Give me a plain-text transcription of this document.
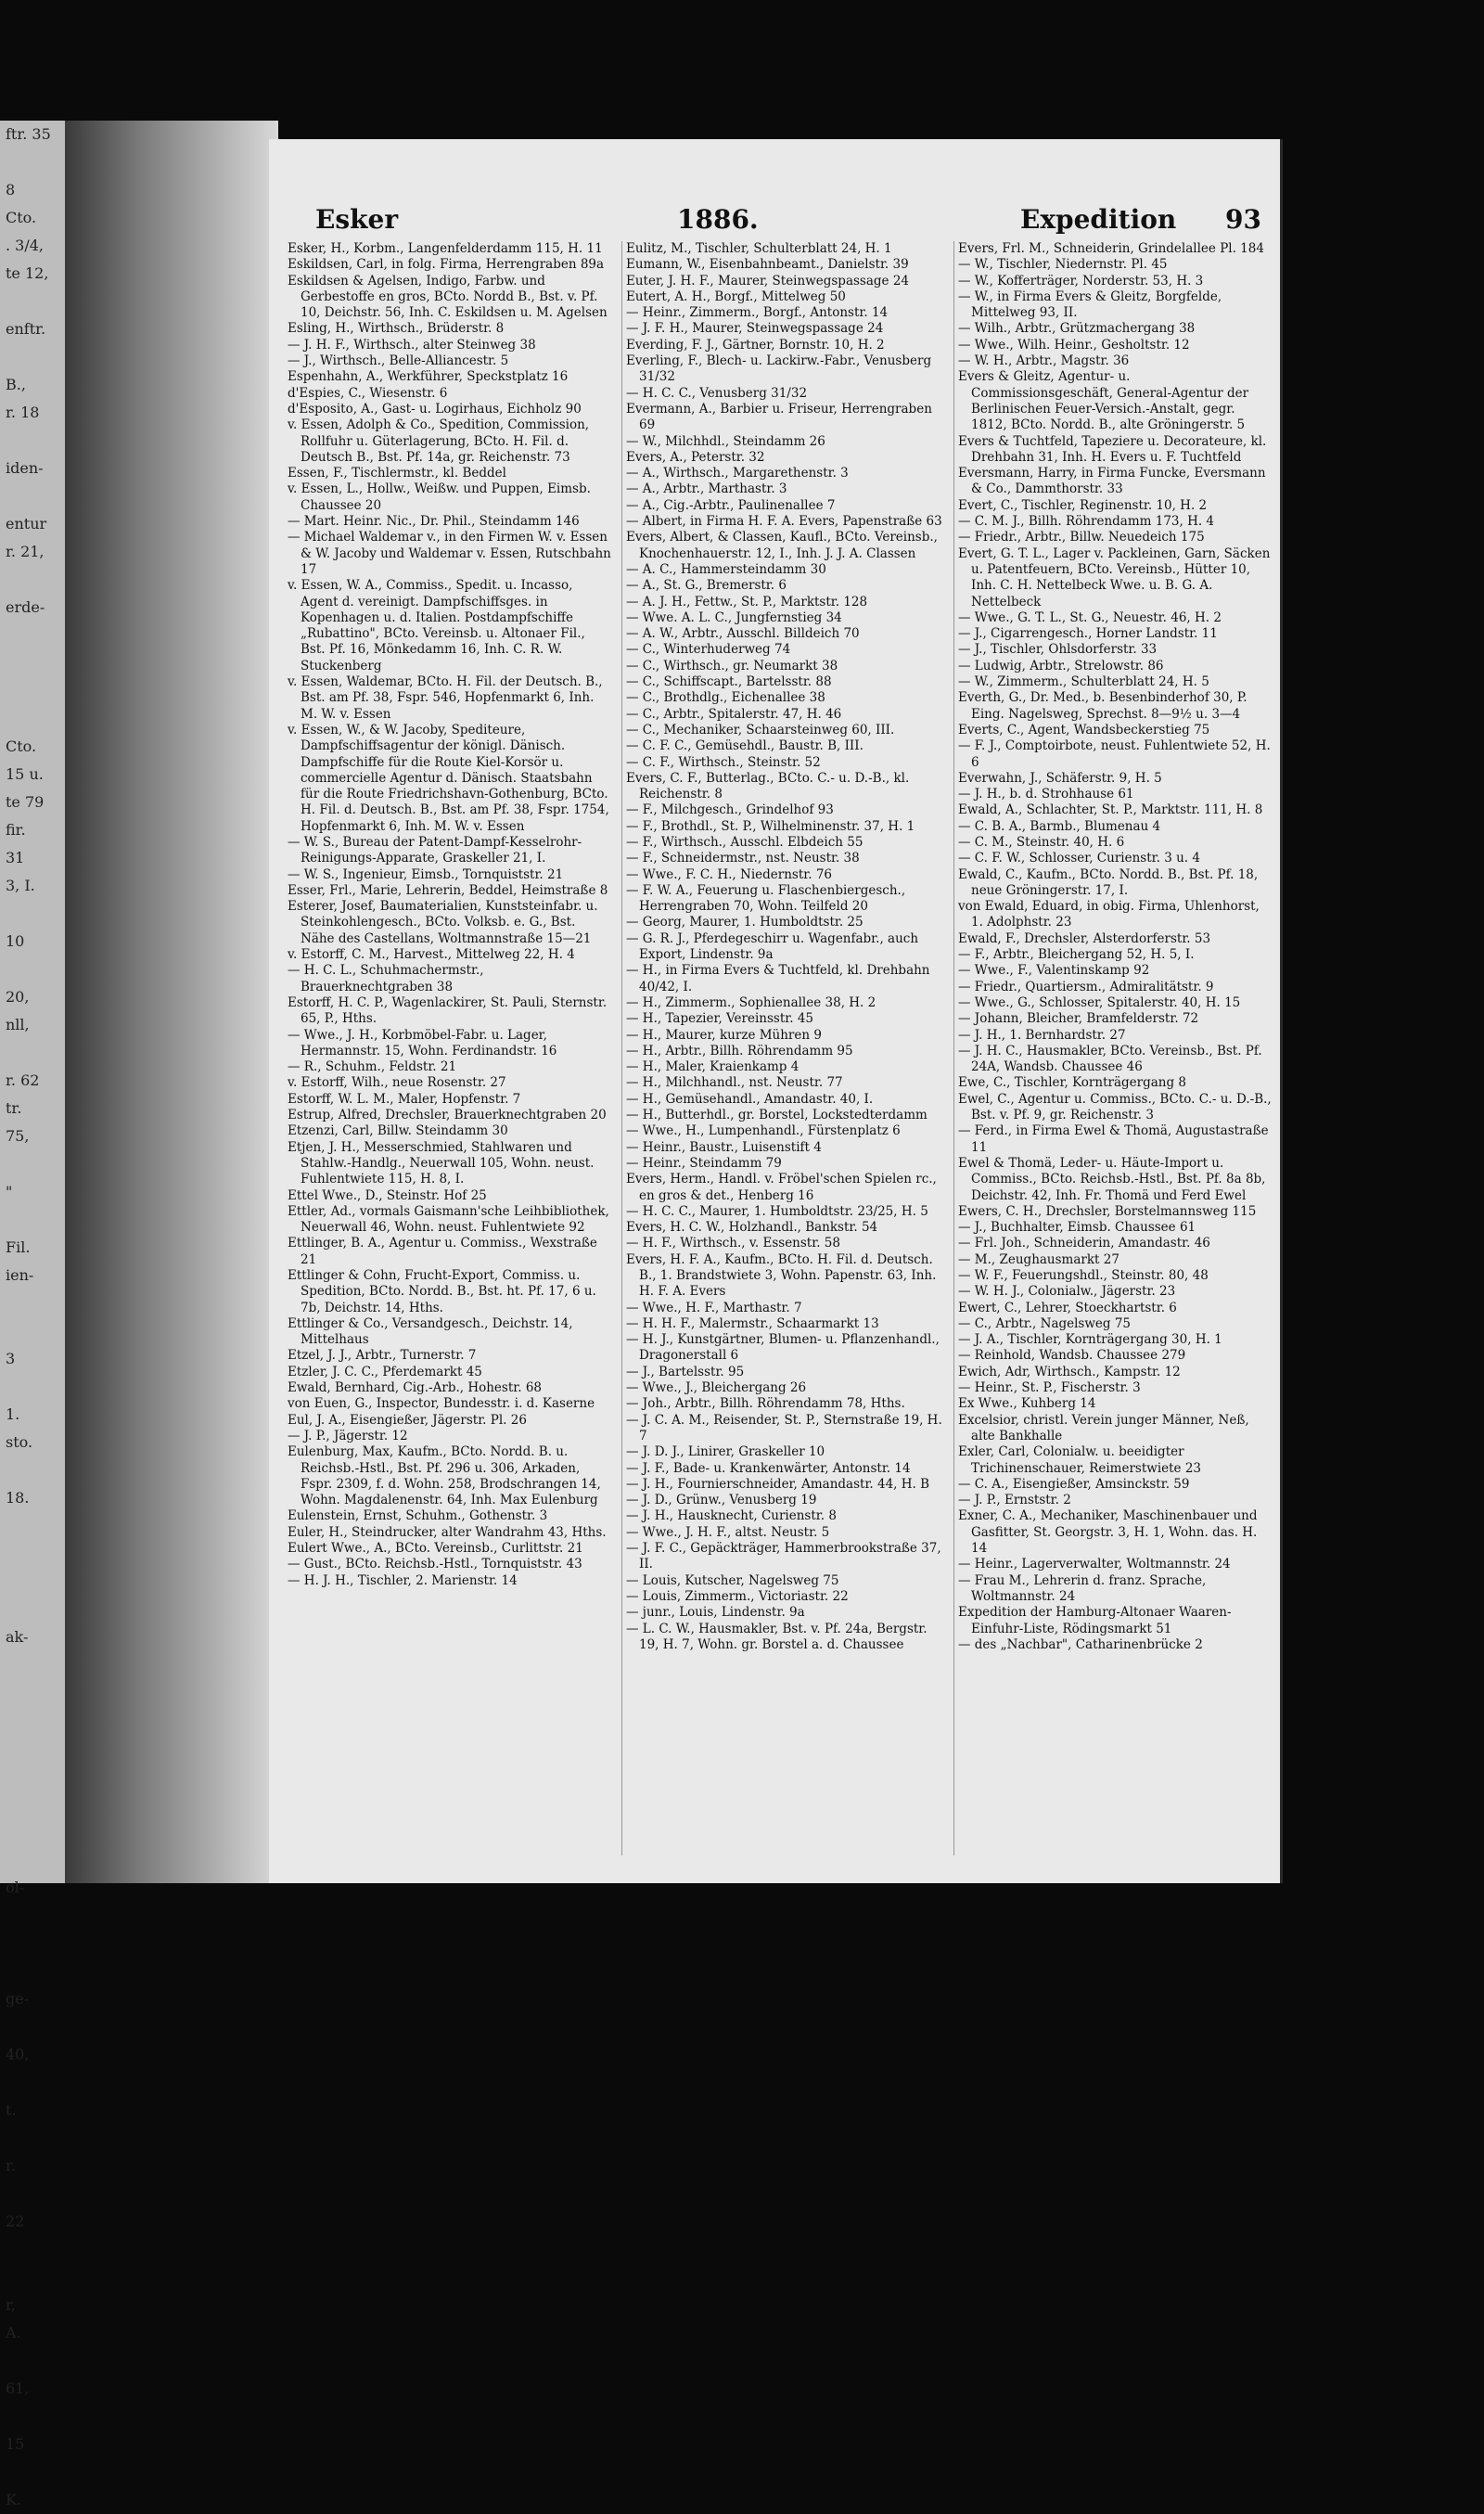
ftr. 35

8
Cto.
. 3/4,
te 12,

enftr.

B.,
r. 18

iden-

entur
r. 21,

erde-

Cto.
15 u.
te 79
fir.
31
3, I.

10

20,
nll,

r. 62
tr.
75,

"

Fil.
ien-

3

1.
sto.

18.

ak-

ol-

ge-

40,

t.

r.

22

r,
A.

61,

15

K.
Esker	1886.	Expedition 93

Esker, H., Korbm., Langenfelderdamm 115, H. 11

Eskildsen, Carl, in folg. Firma, Herrengraben 89a

Eskildsen & Agelsen, Indigo, Farbw. und Gerbestoffe en gros, BCto. Nordd B., Bst. v. Pf. 10, Deichstr. 56, Inh. C. Eskildsen u. M. Agelsen

Esling, H., Wirthsch., Brüderstr. 8

— J. H. F., Wirthsch., alter Steinweg 38

— J., Wirthsch., Belle-Alliancestr. 5

Espenhahn, A., Werkführer, Speckstplatz 16

d'Espies, C., Wiesenstr. 6

d'Esposito, A., Gast- u. Logirhaus, Eichholz 90

v. Essen, Adolph & Co., Spedition, Commission, Rollfuhr u. Güterlagerung, BCto. H. Fil. d. Deutsch B., Bst. Pf. 14a, gr. Reichenstr. 73

Essen, F., Tischlermstr., kl. Beddel

v. Essen, L., Hollw., Weißw. und Puppen, Eimsb. Chaussee 20

— Mart. Heinr. Nic., Dr. Phil., Steindamm 146

— Michael Waldemar v., in den Firmen W. v. Essen & W. Jacoby und Waldemar v. Essen, Rutschbahn 17

v. Essen, W. A., Commiss., Spedit. u. Incasso, Agent d. vereinigt. Dampfschiffsges. in Kopenhagen u. d. Italien. Postdampfschiffe „Rubattino", BCto. Vereinsb. u. Altonaer Fil., Bst. Pf. 16, Mönkedamm 16, Inh. C. R. W. Stuckenberg

v. Essen, Waldemar, BCto. H. Fil. der Deutsch. B., Bst. am Pf. 38, Fspr. 546, Hopfenmarkt 6, Inh. M. W. v. Essen

v. Essen, W., & W. Jacoby, Spediteure, Dampfschiffsagentur der königl. Dänisch. Dampfschiffe für die Route Kiel-Korsör u. commercielle Agentur d. Dänisch. Staatsbahn für die Route Friedrichshavn-Gothenburg, BCto. H. Fil. d. Deutsch. B., Bst. am Pf. 38, Fspr. 1754, Hopfenmarkt 6, Inh. M. W. v. Essen

— W. S., Bureau der Patent-Dampf-Kesselrohr-Reinigungs-Apparate, Graskeller 21, I.

— W. S., Ingenieur, Eimsb., Tornquiststr. 21

Esser, Frl., Marie, Lehrerin, Beddel, Heimstraße 8

Esterer, Josef, Baumaterialien, Kunststeinfabr. u. Steinkohlengesch., BCto. Volksb. e. G., Bst. Nähe des Castellans, Woltmannstraße 15—21

v. Estorff, C. M., Harvest., Mittelweg 22, H. 4

— H. C. L., Schuhmachermstr., Brauerknechtgraben 38

Estorff, H. C. P., Wagenlackirer, St. Pauli, Sternstr. 65, P., Hths.

— Wwe., J. H., Korbmöbel-Fabr. u. Lager, Hermannstr. 15, Wohn. Ferdinandstr. 16

— R., Schuhm., Feldstr. 21

v. Estorff, Wilh., neue Rosenstr. 27

Estorff, W. L. M., Maler, Hopfenstr. 7

Estrup, Alfred, Drechsler, Brauerknechtgraben 20

Etzenzi, Carl, Billw. Steindamm 30

Etjen, J. H., Messerschmied, Stahlwaren und Stahlw.-Handlg., Neuerwall 105, Wohn. neust. Fuhlentwiete 115, H. 8, I.

Ettel Wwe., D., Steinstr. Hof 25

Ettler, Ad., vormals Gaismann'sche Leihbibliothek, Neuerwall 46, Wohn. neust. Fuhlentwiete 92

Ettlinger, B. A., Agentur u. Commiss., Wexstraße 21

Ettlinger & Cohn, Frucht-Export, Commiss. u. Spedition, BCto. Nordd. B., Bst. ht. Pf. 17, 6 u. 7b, Deichstr. 14, Hths.

Ettlinger & Co., Versandgesch., Deichstr. 14, Mittelhaus

Etzel, J. J., Arbtr., Turnerstr. 7

Etzler, J. C. C., Pferdemarkt 45

Ewald, Bernhard, Cig.-Arb., Hohestr. 68

von Euen, G., Inspector, Bundesstr. i. d. Kaserne

Eul, J. A., Eisengießer, Jägerstr. Pl. 26

— J. P., Jägerstr. 12

Eulenburg, Max, Kaufm., BCto. Nordd. B. u. Reichsb.-Hstl., Bst. Pf. 296 u. 306, Arkaden, Fspr. 2309, f. d. Wohn. 258, Brodschrangen 14, Wohn. Magdalenenstr. 64, Inh. Max Eulenburg

Eulenstein, Ernst, Schuhm., Gothenstr. 3

Euler, H., Steindrucker, alter Wandrahm 43, Hths.

Eulert Wwe., A., BCto. Vereinsb., Curlittstr. 21

— Gust., BCto. Reichsb.-Hstl., Tornquiststr. 43

— H. J. H., Tischler, 2. Marienstr. 14

Eulitz, M., Tischler, Schulterblatt 24, H. 1

Eumann, W., Eisenbahnbeamt., Danielstr. 39

Euter, J. H. F., Maurer, Steinwegspassage 24

Eutert, A. H., Borgf., Mittelweg 50

— Heinr., Zimmerm., Borgf., Antonstr. 14

— J. F. H., Maurer, Steinwegspassage 24

Everding, F. J., Gärtner, Bornstr. 10, H. 2

Everling, F., Blech- u. Lackirw.-Fabr., Venusberg 31/32

— H. C. C., Venusberg 31/32

Evermann, A., Barbier u. Friseur, Herrengraben 69

— W., Milchhdl., Steindamm 26

Evers, A., Peterstr. 32

— A., Wirthsch., Margarethenstr. 3

— A., Arbtr., Marthastr. 3

— A., Cig.-Arbtr., Paulinenallee 7

— Albert, in Firma H. F. A. Evers, Papenstraße 63

Evers, Albert, & Classen, Kaufl., BCto. Vereinsb., Knochenhauerstr. 12, I., Inh. J. J. A. Classen

— A. C., Hammersteindamm 30

— A., St. G., Bremerstr. 6

— A. J. H., Fettw., St. P., Marktstr. 128

— Wwe. A. L. C., Jungfernstieg 34

— A. W., Arbtr., Ausschl. Billdeich 70

— C., Winterhuderweg 74

— C., Wirthsch., gr. Neumarkt 38

— C., Schiffscapt., Bartelsstr. 88

— C., Brothdlg., Eichenallee 38

— C., Arbtr., Spitalerstr. 47, H. 46

— C., Mechaniker, Schaarsteinweg 60, III.

— C. F. C., Gemüsehdl., Baustr. B, III.

— C. F., Wirthsch., Steinstr. 52

Evers, C. F., Butterlag., BCto. C.- u. D.-B., kl. Reichenstr. 8

— F., Milchgesch., Grindelhof 93

— F., Brothdl., St. P., Wilhelminenstr. 37, H. 1

— F., Wirthsch., Ausschl. Elbdeich 55

— F., Schneidermstr., nst. Neustr. 38

— Wwe., F. C. H., Niedernstr. 76

— F. W. A., Feuerung u. Flaschenbiergesch., Herrengraben 70, Wohn. Teilfeld 20

— Georg, Maurer, 1. Humboldtstr. 25

— G. R. J., Pferdegeschirr u. Wagenfabr., auch Export, Lindenstr. 9a

— H., in Firma Evers & Tuchtfeld, kl. Drehbahn 40/42, I.

— H., Zimmerm., Sophienallee 38, H. 2

— H., Tapezier, Vereinsstr. 45

— H., Maurer, kurze Mühren 9

— H., Arbtr., Billh. Röhrendamm 95

— H., Maler, Kraienkamp 4

— H., Milchhandl., nst. Neustr. 77

— H., Gemüsehandl., Amandastr. 40, I.

— H., Butterhdl., gr. Borstel, Lockstedterdamm

— Wwe., H., Lumpenhandl., Fürstenplatz 6

— Heinr., Baustr., Luisenstift 4

— Heinr., Steindamm 79

Evers, Herm., Handl. v. Fröbel'schen Spielen rc., en gros & det., Henberg 16

— H. C. C., Maurer, 1. Humboldtstr. 23/25, H. 5

Evers, H. C. W., Holzhandl., Bankstr. 54

— H. F., Wirthsch., v. Essenstr. 58

Evers, H. F. A., Kaufm., BCto. H. Fil. d. Deutsch. B., 1. Brandstwiete 3, Wohn. Papenstr. 63, Inh. H. F. A. Evers

— Wwe., H. F., Marthastr. 7

— H. H. F., Malermstr., Schaarmarkt 13

— H. J., Kunstgärtner, Blumen- u. Pflanzenhandl., Dragonerstall 6

— J., Bartelsstr. 95

— Wwe., J., Bleichergang 26

— Joh., Arbtr., Billh. Röhrendamm 78, Hths.

— J. C. A. M., Reisender, St. P., Sternstraße 19, H. 7

— J. D. J., Linirer, Graskeller 10

— J. F., Bade- u. Krankenwärter, Antonstr. 14

— J. H., Fournierschneider, Amandastr. 44, H. B

— J. D., Grünw., Venusberg 19

— J. H., Hausknecht, Curienstr. 8

— Wwe., J. H. F., altst. Neustr. 5

— J. F. C., Gepäckträger, Hammerbrookstraße 37, II.

— Louis, Kutscher, Nagelsweg 75

— Louis, Zimmerm., Victoriastr. 22

— junr., Louis, Lindenstr. 9a

— L. C. W., Hausmakler, Bst. v. Pf. 24a, Bergstr. 19, H. 7, Wohn. gr. Borstel a. d. Chaussee

Evers, Frl. M., Schneiderin, Grindelallee Pl. 184

— W., Tischler, Niedernstr. Pl. 45

— W., Kofferträger, Norderstr. 53, H. 3

— W., in Firma Evers & Gleitz, Borgfelde, Mittelweg 93, II.

— Wilh., Arbtr., Grützmachergang 38

— Wwe., Wilh. Heinr., Gesholtstr. 12

— W. H., Arbtr., Magstr. 36

Evers & Gleitz, Agentur- u. Commissionsgeschäft, General-Agentur der Berlinischen Feuer-Versich.-Anstalt, gegr. 1812, BCto. Nordd. B., alte Gröningerstr. 5

Evers & Tuchtfeld, Tapeziere u. Decorateure, kl. Drehbahn 31, Inh. H. Evers u. F. Tuchtfeld

Eversmann, Harry, in Firma Funcke, Eversmann & Co., Dammthorstr. 33

Evert, C., Tischler, Reginenstr. 10, H. 2

— C. M. J., Billh. Röhrendamm 173, H. 4

— Friedr., Arbtr., Billw. Neuedeich 175

Evert, G. T. L., Lager v. Packleinen, Garn, Säcken u. Patentfeuern, BCto. Vereinsb., Hütter 10, Inh. C. H. Nettelbeck Wwe. u. B. G. A. Nettelbeck

— Wwe., G. T. L., St. G., Neuestr. 46, H. 2

— J., Cigarrengesch., Horner Landstr. 11

— J., Tischler, Ohlsdorferstr. 33

— Ludwig, Arbtr., Strelowstr. 86

— W., Zimmerm., Schulterblatt 24, H. 5

Everth, G., Dr. Med., b. Besenbinderhof 30, P. Eing. Nagelsweg, Sprechst. 8—9½ u. 3—4

Everts, C., Agent, Wandsbeckerstieg 75

— F. J., Comptoirbote, neust. Fuhlentwiete 52, H. 6

Everwahn, J., Schäferstr. 9, H. 5

— J. H., b. d. Strohhause 61

Ewald, A., Schlachter, St. P., Marktstr. 111, H. 8

— C. B. A., Barmb., Blumenau 4

— C. M., Steinstr. 40, H. 6

— C. F. W., Schlosser, Curienstr. 3 u. 4

Ewald, C., Kaufm., BCto. Nordd. B., Bst. Pf. 18, neue Gröningerstr. 17, I.

von Ewald, Eduard, in obig. Firma, Uhlenhorst, 1. Adolphstr. 23

Ewald, F., Drechsler, Alsterdorferstr. 53

— F., Arbtr., Bleichergang 52, H. 5, I.

— Wwe., F., Valentinskamp 92

— Friedr., Quartiersm., Admiralitätstr. 9

— Wwe., G., Schlosser, Spitalerstr. 40, H. 15

— Johann, Bleicher, Bramfelderstr. 72

— J. H., 1. Bernhardstr. 27

— J. H. C., Hausmakler, BCto. Vereinsb., Bst. Pf. 24A, Wandsb. Chaussee 46

Ewe, C., Tischler, Kornträgergang 8

Ewel, C., Agentur u. Commiss., BCto. C.- u. D.-B., Bst. v. Pf. 9, gr. Reichenstr. 3

— Ferd., in Firma Ewel & Thomä, Augustastraße 11

Ewel & Thomä, Leder- u. Häute-Import u. Commiss., BCto. Reichsb.-Hstl., Bst. Pf. 8a 8b, Deichstr. 42, Inh. Fr. Thomä und Ferd Ewel

Ewers, C. H., Drechsler, Borstelmannsweg 115

— J., Buchhalter, Eimsb. Chaussee 61

— Frl. Joh., Schneiderin, Amandastr. 46

— M., Zeughausmarkt 27

— W. F., Feuerungshdl., Steinstr. 80, 48

— W. H. J., Colonialw., Jägerstr. 23

Ewert, C., Lehrer, Stoeckhartstr. 6

— C., Arbtr., Nagelsweg 75

— J. A., Tischler, Kornträgergang 30, H. 1

— Reinhold, Wandsb. Chaussee 279

Ewich, Adr, Wirthsch., Kampstr. 12

— Heinr., St. P., Fischerstr. 3

Ex Wwe., Kuhberg 14

Excelsior, christl. Verein junger Männer, Neß, alte Bankhalle

Exler, Carl, Colonialw. u. beeidigter Trichinenschauer, Reimerstwiete 23

— C. A., Eisengießer, Amsinckstr. 59

— J. P., Ernststr. 2

Exner, C. A., Mechaniker, Maschinenbauer und Gasfitter, St. Georgstr. 3, H. 1, Wohn. das. H. 14

— Heinr., Lagerverwalter, Woltmannstr. 24

— Frau M., Lehrerin d. franz. Sprache, Woltmannstr. 24

Expedition der Hamburg-Altonaer Waaren-Einfuhr-Liste, Rödingsmarkt 51

— des „Nachbar", Catharinenbrücke 2
